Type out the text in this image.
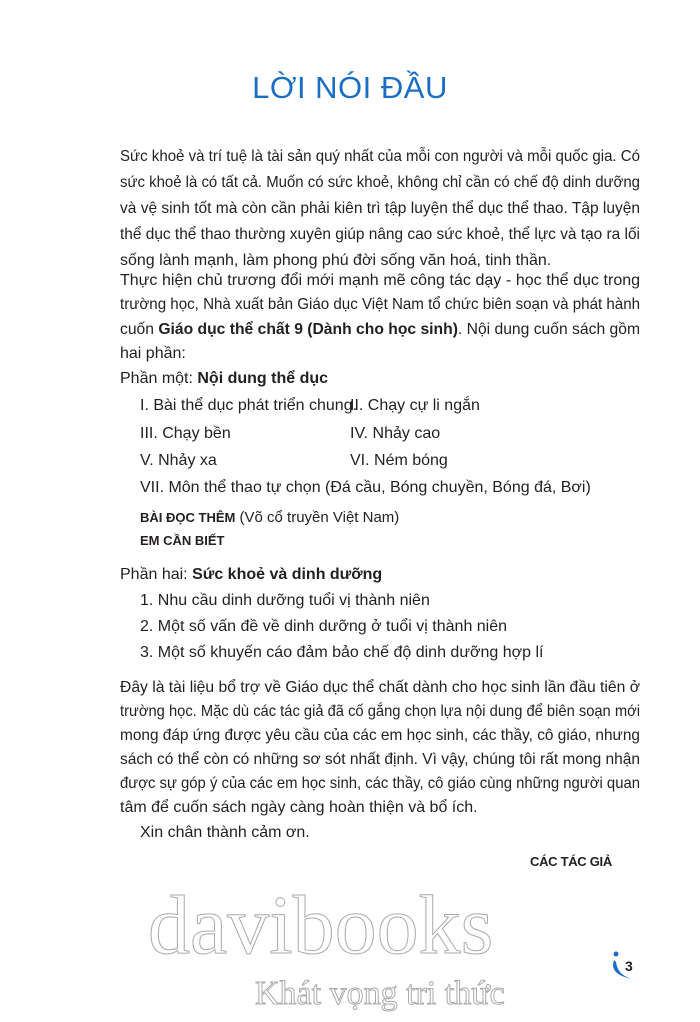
LỜI NÓI ĐẦU
Sức khoẻ và trí tuệ là tài sản quý nhất của mỗi con người và mỗi quốc gia. Có
sức khoẻ là có tất cả. Muốn có sức khoẻ, không chỉ cần có chế độ dinh dưỡng
và vệ sinh tốt mà còn cần phải kiên trì tập luyện thể dục thể thao. Tập luyện
thể dục thể thao thường xuyên giúp nâng cao sức khoẻ, thể lực và tạo ra lối
sống lành mạnh, làm phong phú đời sống văn hoá, tinh thần.
Thực hiện chủ trương đổi mới mạnh mẽ công tác dạy - học thể dục trong
trường học, Nhà xuất bản Giáo dục Việt Nam tổ chức biên soạn và phát hành
cuốn Giáo dục thể chất 9 (Dành cho học sinh). Nội dung cuốn sách gồm
hai phần:
Phần một: Nội dung thể dục
I. Bài thể dục phát triển chung.
II. Chạy cự li ngắn
III. Chạy bền	IV. Nhảy cao
V. Nhảy xa	VI. Ném bóng
VII. Môn thể thao tự chọn (Đá cầu, Bóng chuyền, Bóng đá, Bơi)
BÀI ĐỌC THÊM (Võ cổ truyền Việt Nam)
EM CẦN BIẾT
Phần hai: Sức khoẻ và dinh dưỡng
1. Nhu cầu dinh dưỡng tuổi vị thành niên
2. Một số vấn đề về dinh dưỡng ở tuổi vị thành niên
3. Một số khuyến cáo đảm bảo chế độ dinh dưỡng hợp lí
Đây là tài liệu bổ trợ về Giáo dục thể chất dành cho học sinh lần đầu tiên ở
trường học. Mặc dù các tác giả đã cố gắng chọn lựa nội dung để biên soạn mới
mong đáp ứng được yêu cầu của các em học sinh, các thầy, cô giáo, nhưng
sách có thể còn có những sơ sót nhất định. Vì vậy, chúng tôi rất mong nhận
được sự góp ý của các em học sinh, các thầy, cô giáo cùng những người quan
tâm để cuốn sách ngày càng hoàn thiện và bổ ích.
Xin chân thành cảm ơn.
CÁC TÁC GIẢ
davibooks
Khát vọng tri thức
3
